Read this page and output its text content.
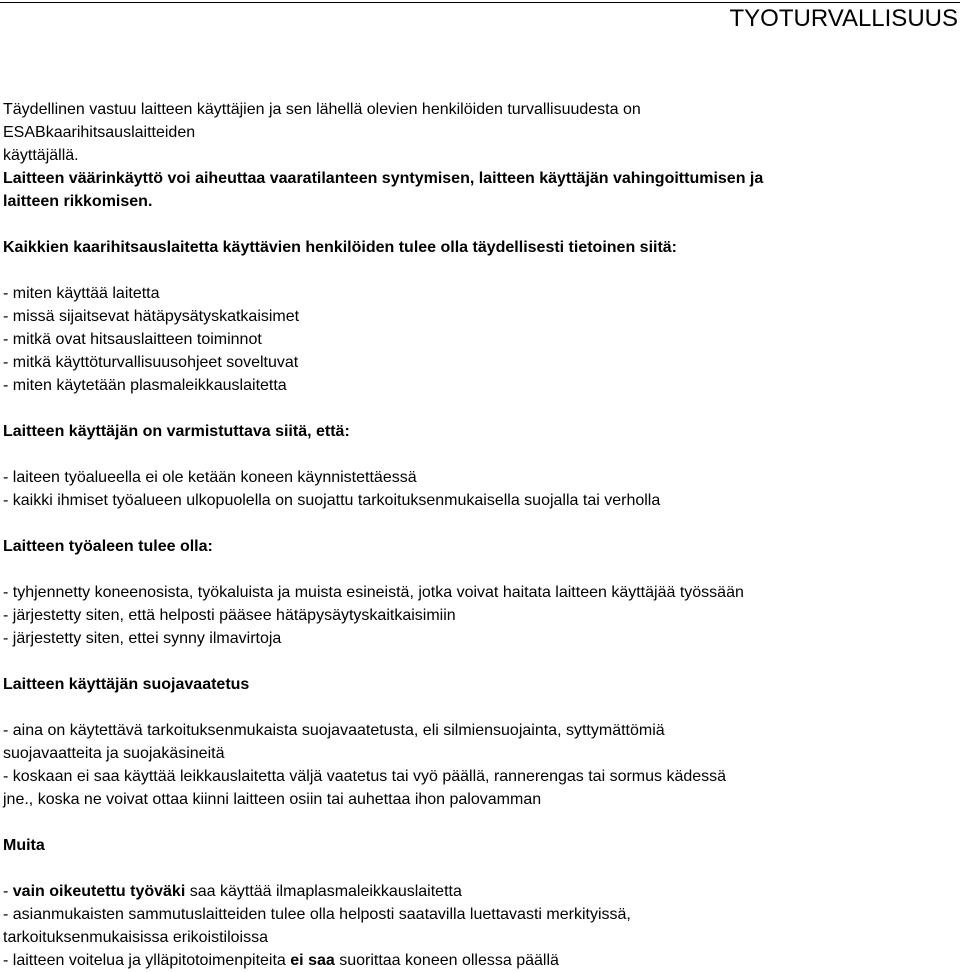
TYOTURVALLISUUS

Täydellinen vastuu laitteen käyttäjien ja sen lähellä olevien henkilöiden turvallisuudesta on

ESABkaarihitsauslaitteiden

käyttäjällä.

Laitteen väärinkäyttö voi aiheuttaa vaaratilanteen syntymisen, laitteen käyttäjän vahingoittumisen ja

laitteen rikkomisen.

Kaikkien kaarihitsauslaitetta käyttävien henkilöiden tulee olla täydellisesti tietoinen siitä:

- miten käyttää laitetta

- missä sijaitsevat hätäpysätyskatkaisimet

- mitkä ovat hitsauslaitteen toiminnot

- mitkä käyttöturvallisuusohjeet soveltuvat

- miten käytetään plasmaleikkauslaitetta

Laitteen käyttäjän on varmistuttava siitä, että:

- laiteen työalueella ei ole ketään koneen käynnistettäessä

- kaikki ihmiset työalueen ulkopuolella on suojattu tarkoituksenmukaisella suojalla tai verholla

Laitteen työaleen tulee olla:

- tyhjennetty koneenosista, työkaluista ja muista esineistä, jotka voivat haitata laitteen käyttäjää työssään

- järjestetty siten, että helposti pääsee hätäpysäytyskaitkaisimiin

- järjestetty siten, ettei synny ilmavirtoja

Laitteen käyttäjän suojavaatetus

- aina on käytettävä tarkoituksenmukaista suojavaatetusta, eli silmiensuojainta, syttymättömiä

suojavaatteita ja suojakäsineitä

- koskaan ei saa käyttää leikkauslaitetta väljä vaatetus tai vyö päällä, rannerengas tai sormus kädessä

jne., koska ne voivat ottaa kiinni laitteen osiin tai auhettaa ihon palovamman

Muita

- vain oikeutettu työväki saa käyttää ilmaplasmaleikkauslaitetta

- asianmukaisten sammutuslaitteiden tulee olla helposti saatavilla luettavasti merkityissä,

tarkoituksenmukaisissa erikoistiloissa

- laitteen voitelua ja ylläpitotoimenpiteita ei saa suorittaa koneen ollessa päällä
